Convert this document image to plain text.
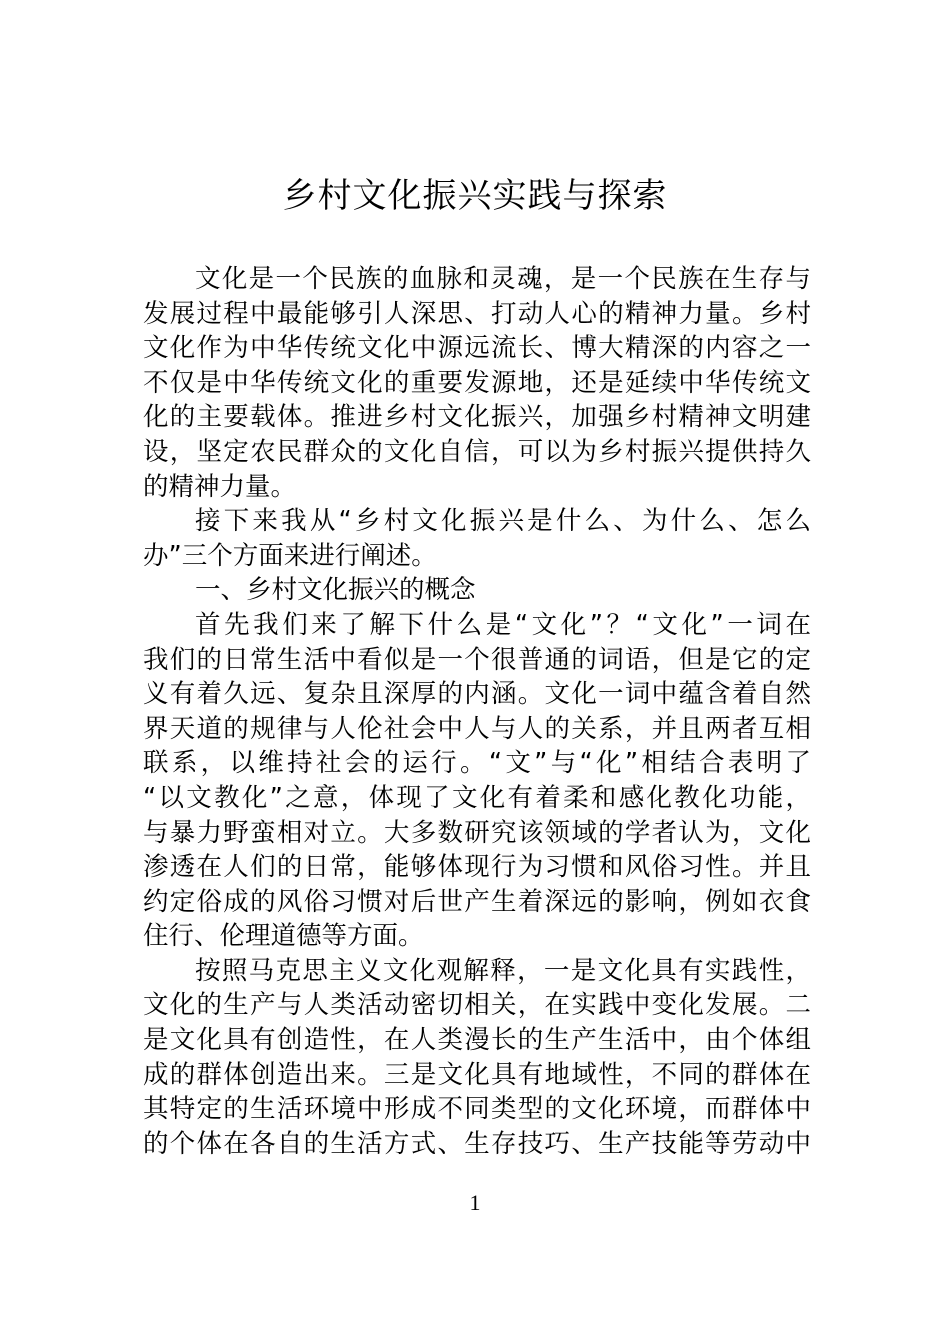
乡村文化振兴实践与探索
文化是一个民族的血脉和灵魂，是一个民族在生存与
发展过程中最能够引人深思、打动人心的精神力量。乡村
文化作为中华传统文化中源远流长、博大精深的内容之一
不仅是中华传统文化的重要发源地，还是延续中华传统文
化的主要载体。推进乡村文化振兴，加强乡村精神文明建
设，坚定农民群众的文化自信，可以为乡村振兴提供持久
的精神力量。
接下来我从“乡村文化振兴是什么、为什么、怎么
办”三个方面来进行阐述。
一、乡村文化振兴的概念
首先我们来了解下什么是“文化”？“文化”一词在
我们的日常生活中看似是一个很普通的词语，但是它的定
义有着久远、复杂且深厚的内涵。文化一词中蕴含着自然
界天道的规律与人伦社会中人与人的关系，并且两者互相
联系，以维持社会的运行。“文”与“化”相结合表明了
“以文教化”之意，体现了文化有着柔和感化教化功能，
与暴力野蛮相对立。大多数研究该领域的学者认为，文化
渗透在人们的日常，能够体现行为习惯和风俗习性。并且
约定俗成的风俗习惯对后世产生着深远的影响，例如衣食
住行、伦理道德等方面。
按照马克思主义文化观解释，一是文化具有实践性，
文化的生产与人类活动密切相关，在实践中变化发展。二
是文化具有创造性，在人类漫长的生产生活中，由个体组
成的群体创造出来。三是文化具有地域性，不同的群体在
其特定的生活环境中形成不同类型的文化环境，而群体中
的个体在各自的生活方式、生存技巧、生产技能等劳动中
1
